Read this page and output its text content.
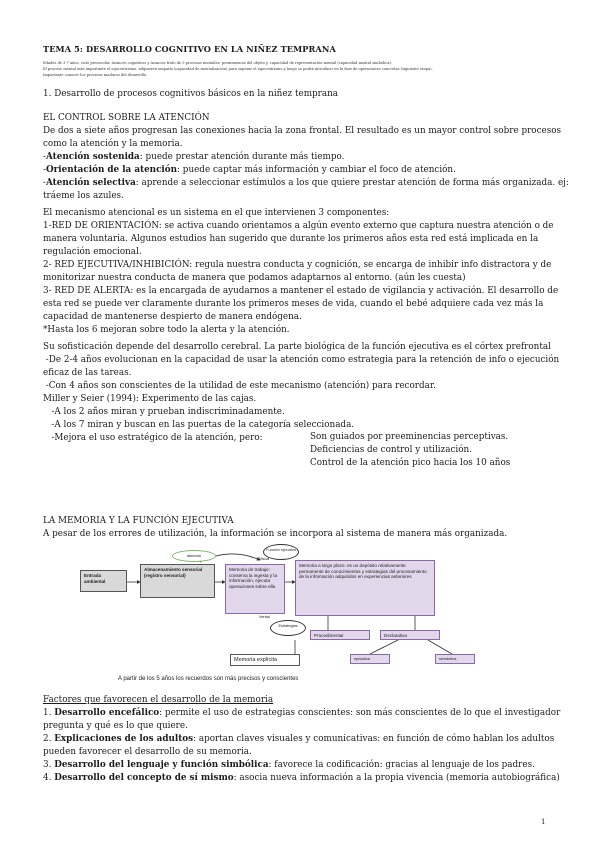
TEMA 5: DESARROLLO COGNITIVO EN LA NIÑEZ TEMPRANA
Edades de 3-7 años, ciclo preescolar. Avances cognitivos y Avances fruto de 3 procesos mentales: permanencia del objeto y, capacidad de representación mental (capacidad mental simbólica).
El proceso mental más importante el egocentrismo, adquieren empatía (capacidad de mentalización) para superar el egocentrismo y luego se podrá introducir en la fase de operaciones concretas (siguiente etapa).
Importante conocer los procesos maduros del desarrollo.
1. Desarrollo de procesos cognitivos básicos en la niñez temprana

EL CONTROL SOBRE LA ATENCIÓN

De dos a siete años progresan las conexiones hacia la zona frontal. El resultado es un mayor control sobre procesos

como la atención y la memoria.

-Atención sostenida: puede prestar atención durante más tiempo.

-Orientación de la atención: puede captar más información y cambiar el foco de atención.

-Atención selectiva: aprende a seleccionar estímulos a los que quiere prestar atención de forma más organizada. ej:

tráeme los azules.

El mecanismo atencional es un sistema en el que intervienen 3 componentes:

1-RED DE ORIENTACIÓN: se activa cuando orientamos a algún evento externo que captura nuestra atención o de

manera voluntaria. Algunos estudios han sugerido que durante los primeros años esta red está implicada en la

regulación emocional.

2- RED EJECUTIVA/INHIBICIÓN: regula nuestra conducta y cognición, se encarga de inhibir info distractora y de

monitorizar nuestra conducta de manera que podamos adaptarnos al entorno. (aún les cuesta)

3- RED DE ALERTA: es la encargada de ayudarnos a mantener el estado de vigilancia y activación. El desarrollo de

esta red se puede ver claramente durante los primeros meses de vida, cuando el bebé adquiere cada vez más la

capacidad de mantenerse despierto de manera endógena.

*Hasta los 6 mejoran sobre todo la alerta y la atención.

Su sofisticación depende del desarrollo cerebral. La parte biológica de la función ejecutiva es el córtex prefrontal

-De 2-4 años evolucionan en la capacidad de usar la atención como estrategia para la retención de info o ejecución

eficaz de las tareas.

-Con 4 años son conscientes de la utilidad de este mecanismo (atención) para recordar.

Miller y Seier (1994): Experimento de las cajas.

-A los 2 años miran y prueban indiscriminadamente.

-A los 7 miran y buscan en las puertas de la categoría seleccionada.

-Mejora el uso estratégico de la atención, pero:	Son guiados por preeminencias perceptivas.
Deficiencias de control y utilización.
Control de la atención pico hacia los 10 años
LA MEMORIA Y LA FUNCIÓN EJECUTIVA
A pesar de los errores de utilización, la información se incorpora al sistema de manera más organizada.
Entrada ambiental
Almacenamiento sensorial (registro sensorial)
atención
Memoria de trabajo: conserva la ingesta y la información, ejecuta operaciones sobre ella
Visual
Verbal
Función ejecutiva
Memoria a largo plazo: es un depósito relativamente permanente de conocimientos y estrategias del procesamiento de la información adquiridos en experiencias anteriores
Estrategias
Procedimental	Declarativa
episódica	semántica
Memoria explícita
A partir de los 5 años los recuerdos son más precisos y conscientes

Factores que favorecen el desarrollo de la memoria

1. Desarrollo encefálico: permite el uso de estrategias conscientes: son más conscientes de lo que el investigador

pregunta y qué es lo que quiere.

2. Explicaciones de los adultos: aportan claves visuales y comunicativas: en función de cómo hablan los adultos

pueden favorecer el desarrollo de su memoria.

3. Desarrollo del lenguaje y función simbólica: favorece la codificación: gracias al lenguaje de los padres.

4. Desarrollo del concepto de sí mismo: asocia nueva información a la propia vivencia (memoria autobiográfica)

1
